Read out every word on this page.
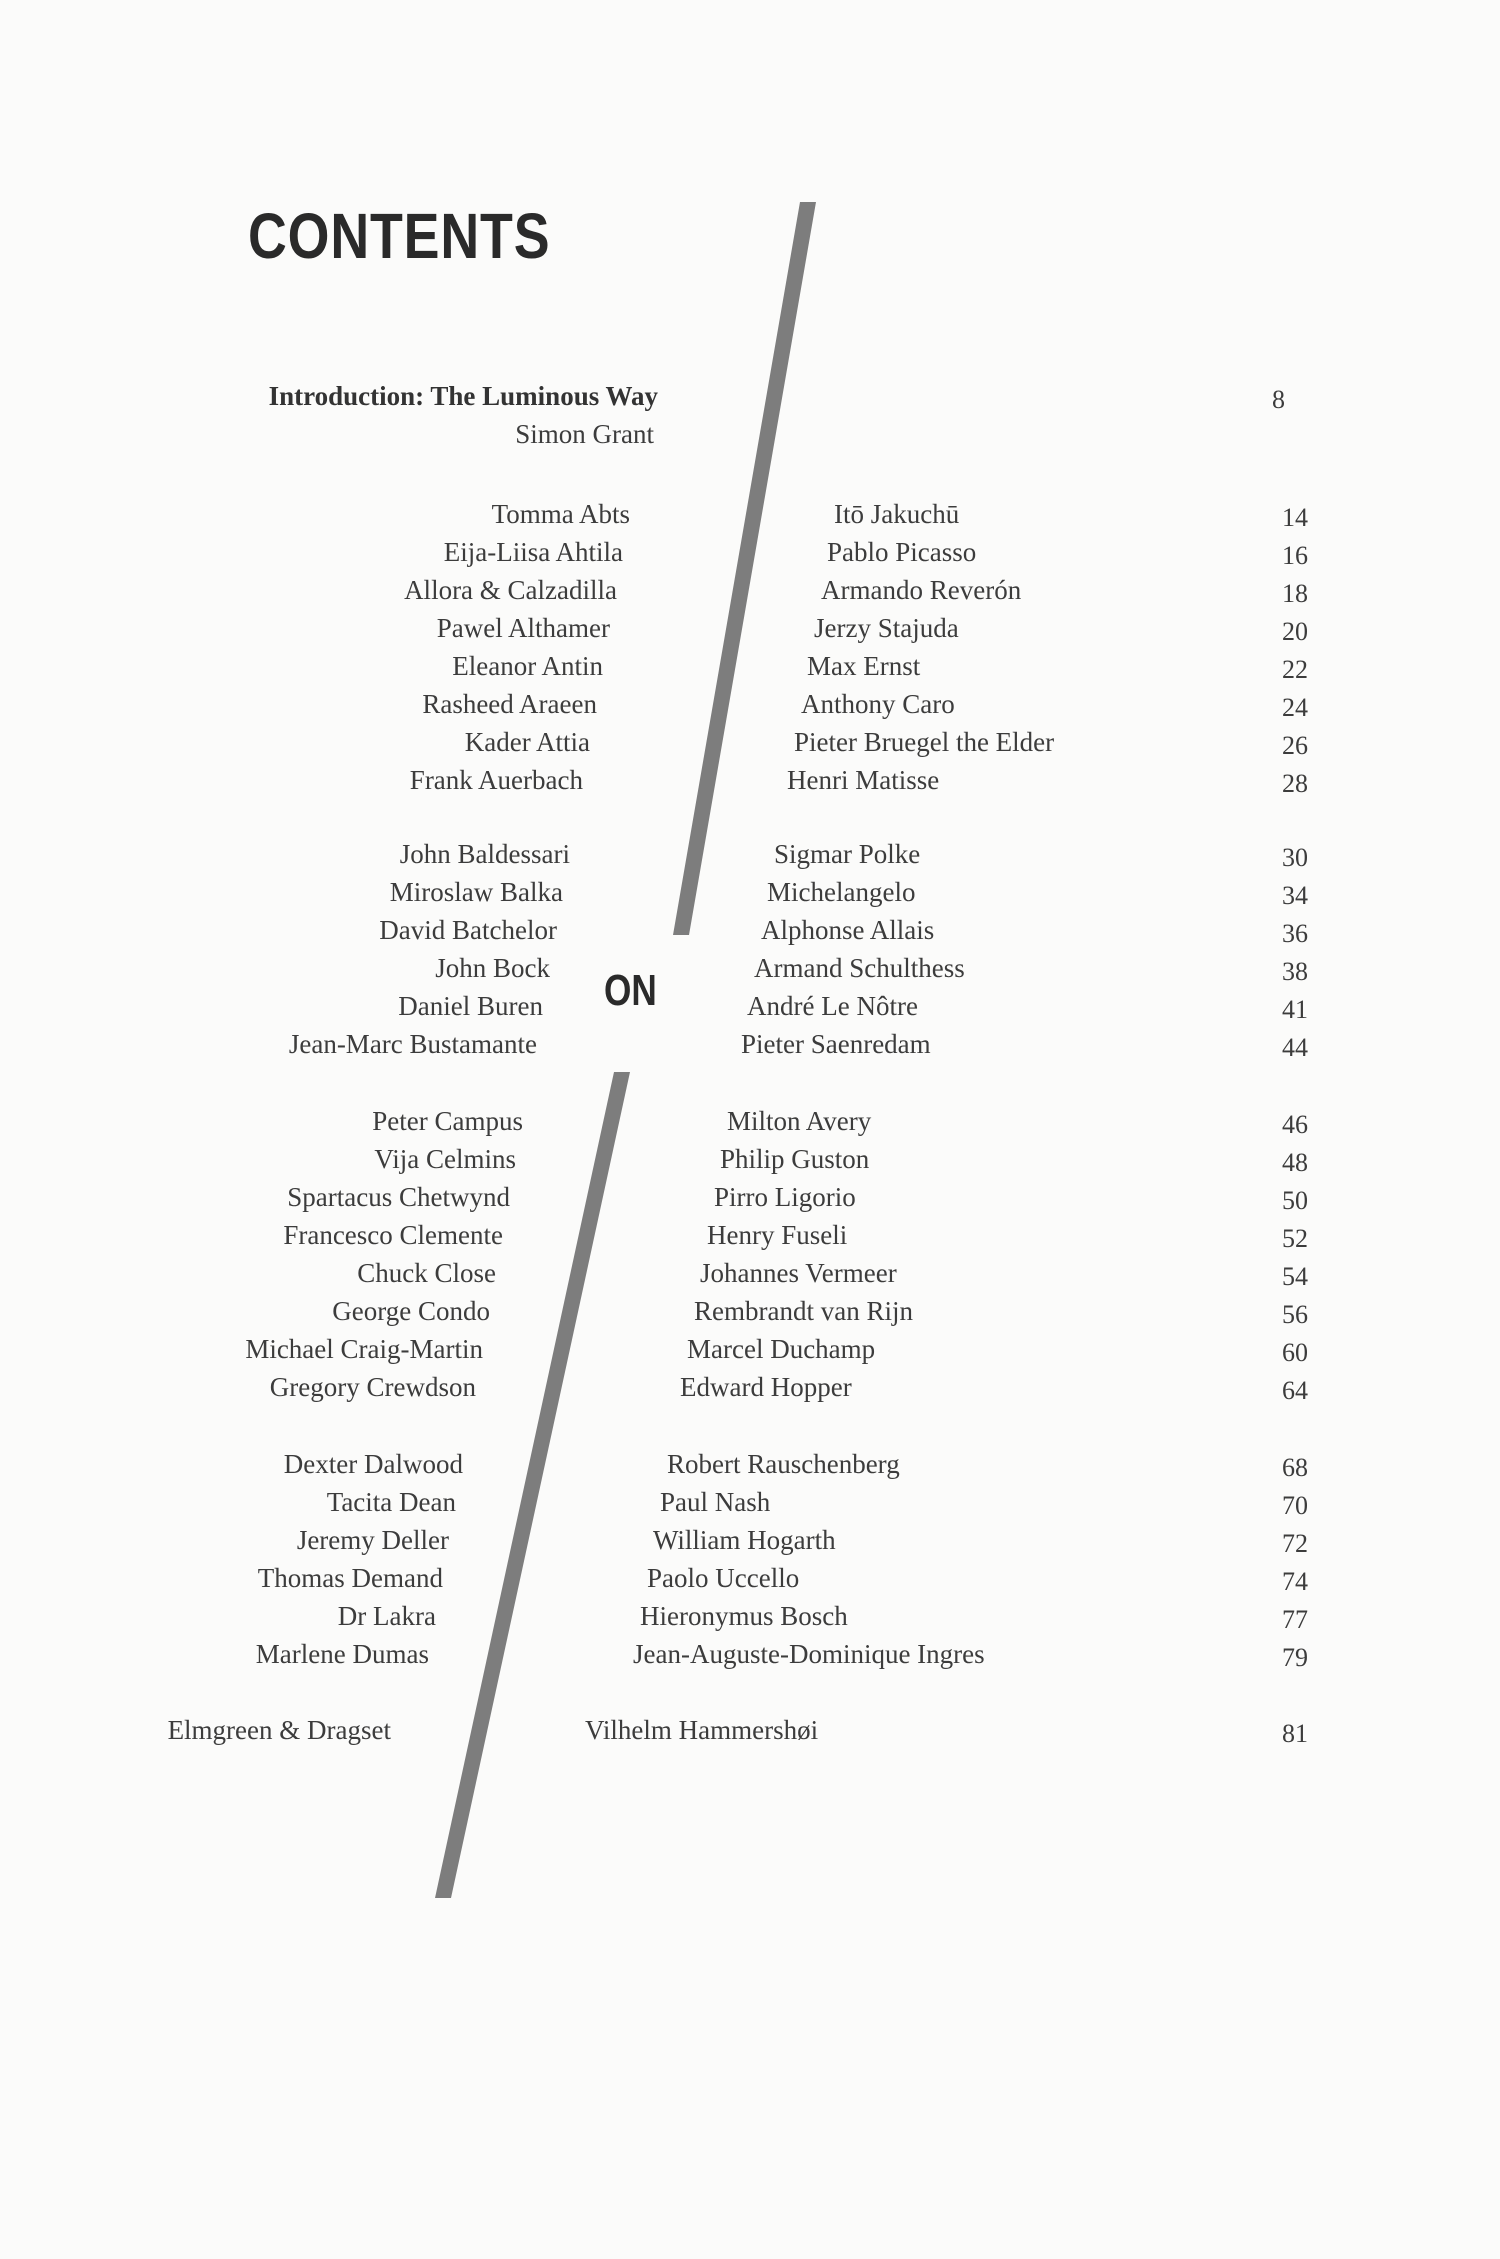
CONTENTS
ON
Introduction: The Luminous Way
Simon Grant
8
Tomma Abts	Itō Jakuchū	14
Eija-Liisa Ahtila	Pablo Picasso	16
Allora & Calzadilla	Armando Reverón	18
Pawel Althamer	Jerzy Stajuda	20
Eleanor Antin	Max Ernst	22
Rasheed Araeen	Anthony Caro	24
Kader Attia	Pieter Bruegel the Elder	26
Frank Auerbach	Henri Matisse	28
John Baldessari	Sigmar Polke	30
Miroslaw Balka	Michelangelo	34
David Batchelor	Alphonse Allais	36
John Bock	Armand Schulthess	38
Daniel Buren	André Le Nôtre	41
Jean-Marc Bustamante	Pieter Saenredam	44
Peter Campus	Milton Avery	46
Vija Celmins	Philip Guston	48
Spartacus Chetwynd	Pirro Ligorio	50
Francesco Clemente	Henry Fuseli	52
Chuck Close	Johannes Vermeer	54
George Condo	Rembrandt van Rijn	56
Michael Craig-Martin	Marcel Duchamp	60
Gregory Crewdson	Edward Hopper	64
Dexter Dalwood	Robert Rauschenberg	68
Tacita Dean	Paul Nash	70
Jeremy Deller	William Hogarth	72
Thomas Demand	Paolo Uccello	74
Dr Lakra	Hieronymus Bosch	77
Marlene Dumas	Jean-Auguste-Dominique Ingres	79
Elmgreen & Dragset	Vilhelm Hammershøi	81
